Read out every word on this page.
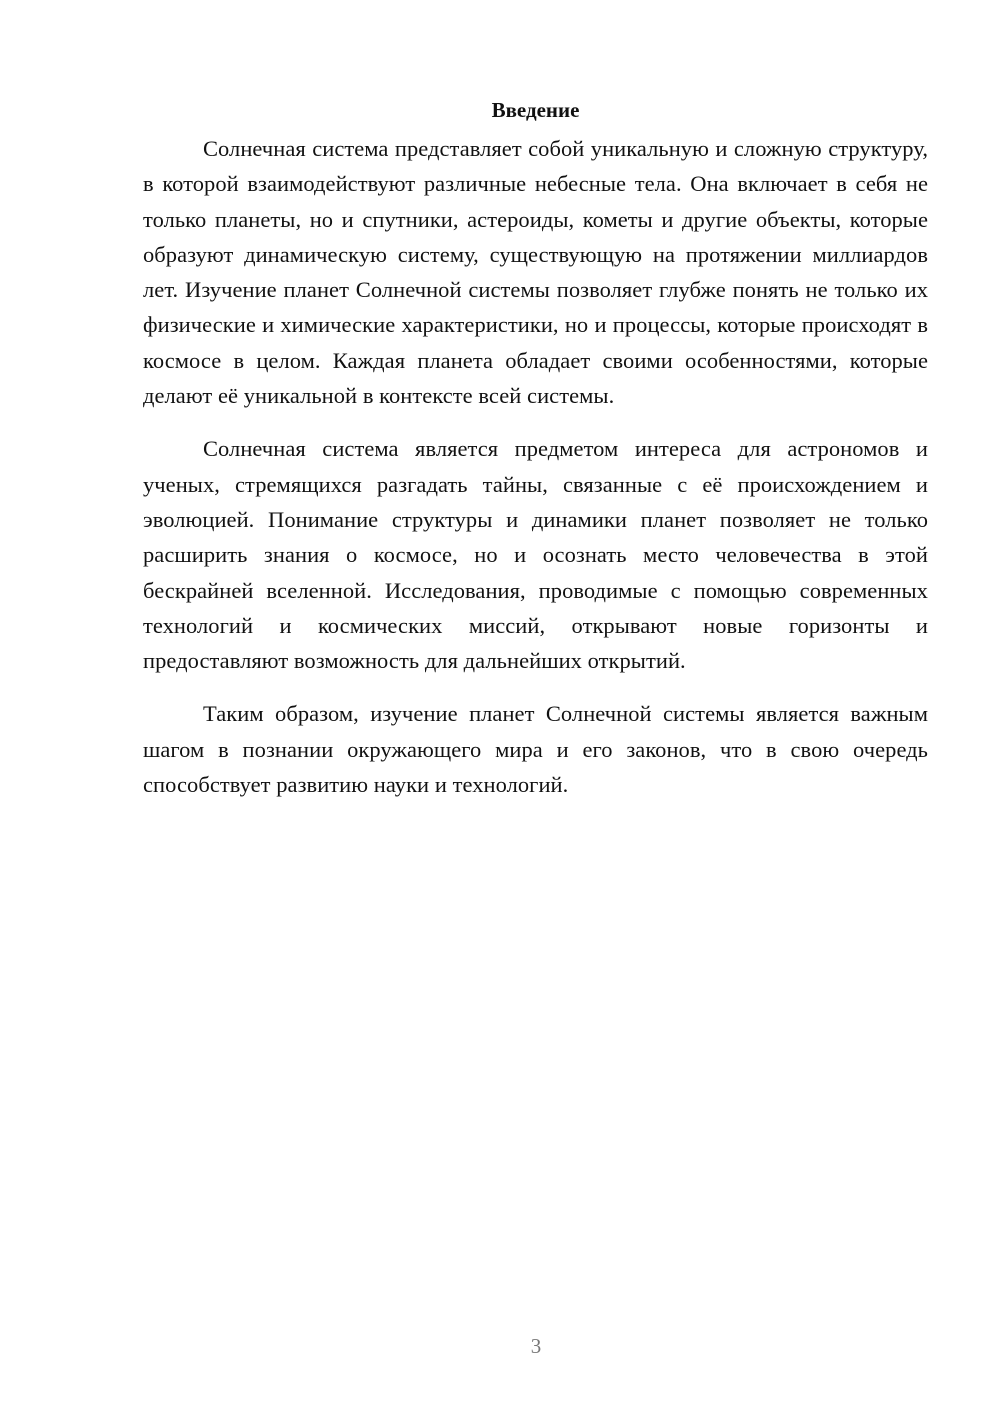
Введение

Солнечная система представляет собой уникальную и сложную структуру, в которой взаимодействуют различные небесные тела. Она включает в себя не только планеты, но и спутники, астероиды, кометы и другие объекты, которые образуют динамическую систему, существующую на протяжении миллиардов лет. Изучение планет Солнечной системы позволяет глубже понять не только их физические и химические характеристики, но и процессы, которые происходят в космосе в целом. Каждая планета обладает своими особенностями, которые делают её уникальной в контексте всей системы.

Солнечная система является предметом интереса для астрономов и ученых, стремящихся разгадать тайны, связанные с её происхождением и эволюцией. Понимание структуры и динамики планет позволяет не только расширить знания о космосе, но и осознать место человечества в этой бескрайней вселенной. Исследования, проводимые с помощью современных технологий и космических миссий, открывают новые горизонты и предоставляют возможность для дальнейших открытий.

Таким образом, изучение планет Солнечной системы является важным шагом в познании окружающего мира и его законов, что в свою очередь способствует развитию науки и технологий.

3
